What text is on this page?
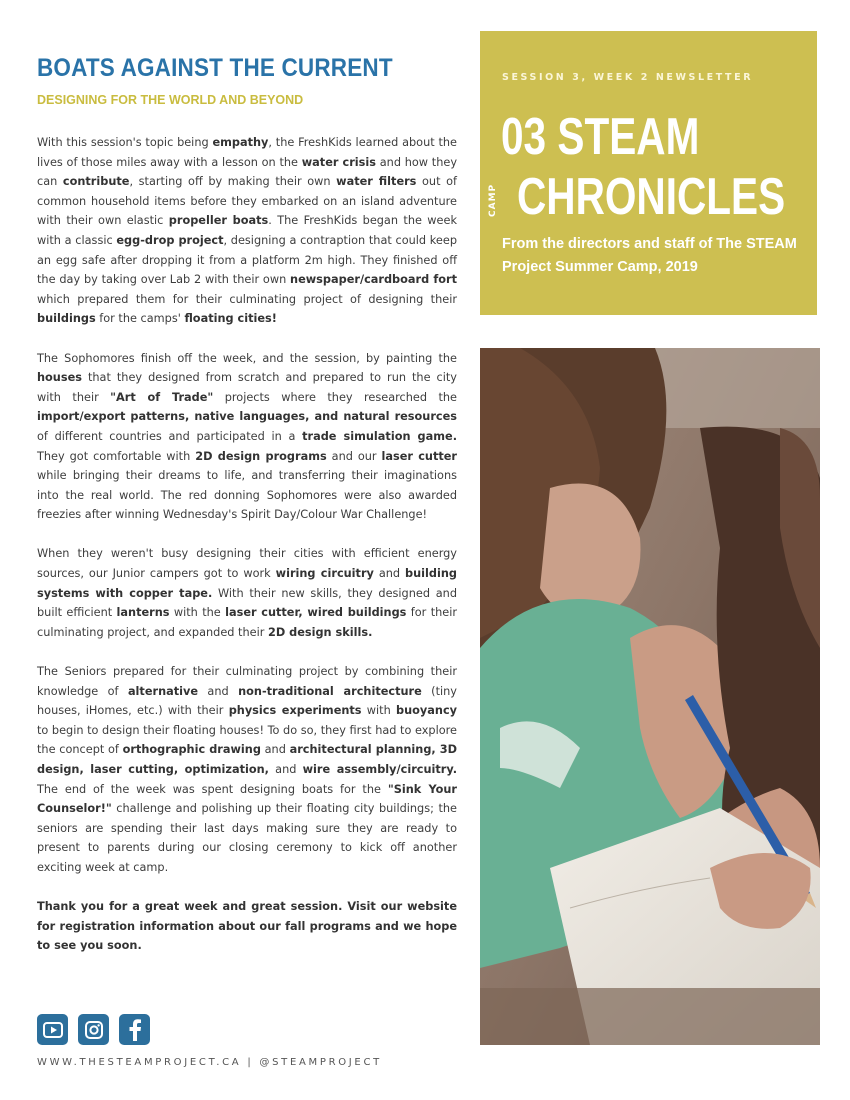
BOATS AGAINST THE CURRENT
DESIGNING FOR THE WORLD AND BEYOND

With this session's topic being empathy, the FreshKids learned about the lives of those miles away with a lesson on the water crisis and how they can contribute, starting off by making their own water filters out of common household items before they embarked on an island adventure with their own elastic propeller boats. The FreshKids began the week with a classic egg-drop project, designing a contraption that could keep an egg safe after dropping it from a platform 2m high. They finished off the day by taking over Lab 2 with their own newspaper/cardboard fort which prepared them for their culminating project of designing their buildings for the camps' floating cities!

The Sophomores finish off the week, and the session, by painting the houses that they designed from scratch and prepared to run the city with their "Art of Trade" projects where they researched the import/export patterns, native languages, and natural resources of different countries and participated in a trade simulation game. They got comfortable with 2D design programs and our laser cutter while bringing their dreams to life, and transferring their imaginations into the real world. The red donning Sophomores were also awarded freezies after winning Wednesday's Spirit Day/Colour War Challenge!

When they weren't busy designing their cities with efficient energy sources, our Junior campers got to work wiring circuitry and building systems with copper tape. With their new skills, they designed and built efficient lanterns with the laser cutter, wired buildings for their culminating project, and expanded their 2D design skills.

The Seniors prepared for their culminating project by combining their knowledge of alternative and non-traditional architecture (tiny houses, iHomes, etc.) with their physics experiments with buoyancy to begin to design their floating houses! To do so, they first had to explore the concept of orthographic drawing and architectural planning, 3D design, laser cutting, optimization, and wire assembly/circuitry. The end of the week was spent designing boats for the "Sink Your Counselor!" challenge and polishing up their floating city buildings; the seniors are spending their last days making sure they are ready to present to parents during our closing ceremony to kick off another exciting week at camp.

Thank you for a great week and great session. Visit our website for registration information about our fall programs and we hope to see you soon.

SESSION 3, WEEK 2 NEWSLETTER

03 STEAM

CAMP CHRONICLES

From the directors and staff of The STEAM Project Summer Camp, 2019

WWW.THESTEAMPROJECT.CA | @STEAMPROJECT
